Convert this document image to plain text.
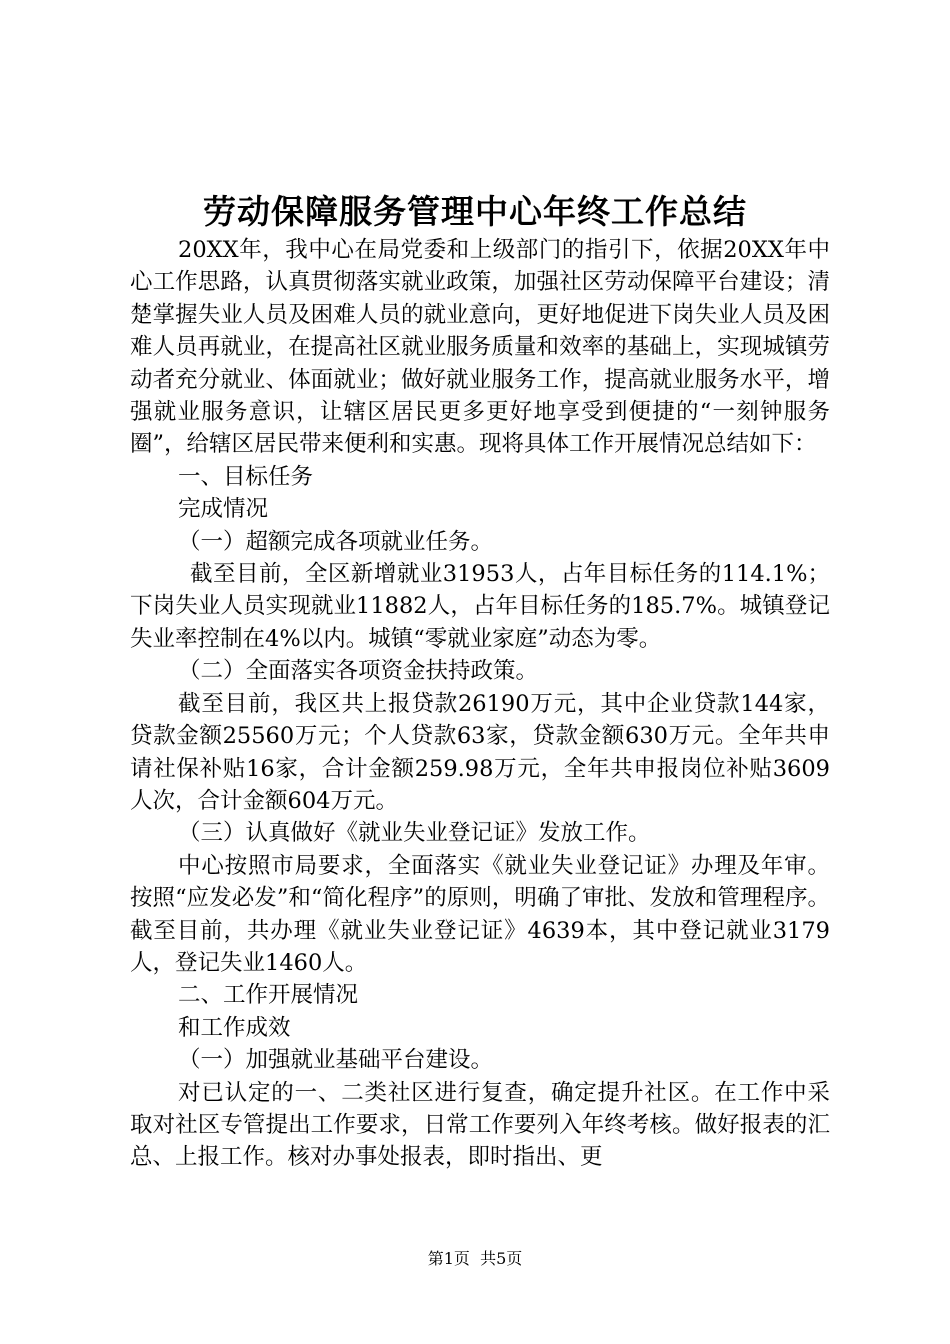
劳动保障服务管理中心年终工作总结

20XX年，我中心在局党委和上级部门的指引下，依据20XX年中心工作思路，认真贯彻落实就业政策，加强社区劳动保障平台建设；清楚掌握失业人员及困难人员的就业意向，更好地促进下岗失业人员及困难人员再就业，在提高社区就业服务质量和效率的基础上，实现城镇劳动者充分就业、体面就业；做好就业服务工作，提高就业服务水平，增强就业服务意识，让辖区居民更多更好地享受到便捷的“一刻钟服务圈”，给辖区居民带来便利和实惠。现将具体工作开展情况总结如下：

一、目标任务

完成情况

（一）超额完成各项就业任务。

截至目前，全区新增就业31953人，占年目标任务的114.1%；下岗失业人员实现就业11882人，占年目标任务的185.7%。城镇登记失业率控制在4%以内。城镇“零就业家庭”动态为零。

（二）全面落实各项资金扶持政策。

截至目前，我区共上报贷款26190万元，其中企业贷款144家，贷款金额25560万元；个人贷款63家，贷款金额630万元。全年共申请社保补贴16家，合计金额259.98万元，全年共申报岗位补贴3609人次，合计金额604万元。

（三）认真做好《就业失业登记证》发放工作。

中心按照市局要求，全面落实《就业失业登记证》办理及年审。按照“应发必发”和“简化程序”的原则，明确了审批、发放和管理程序。截至目前，共办理《就业失业登记证》4639本，其中登记就业3179人，登记失业1460人。

二、工作开展情况

和工作成效

（一）加强就业基础平台建设。

对已认定的一、二类社区进行复查，确定提升社区。在工作中采取对社区专管提出工作要求，日常工作要列入年终考核。做好报表的汇总、上报工作。核对办事处报表，即时指出、更

第1页 共5页
